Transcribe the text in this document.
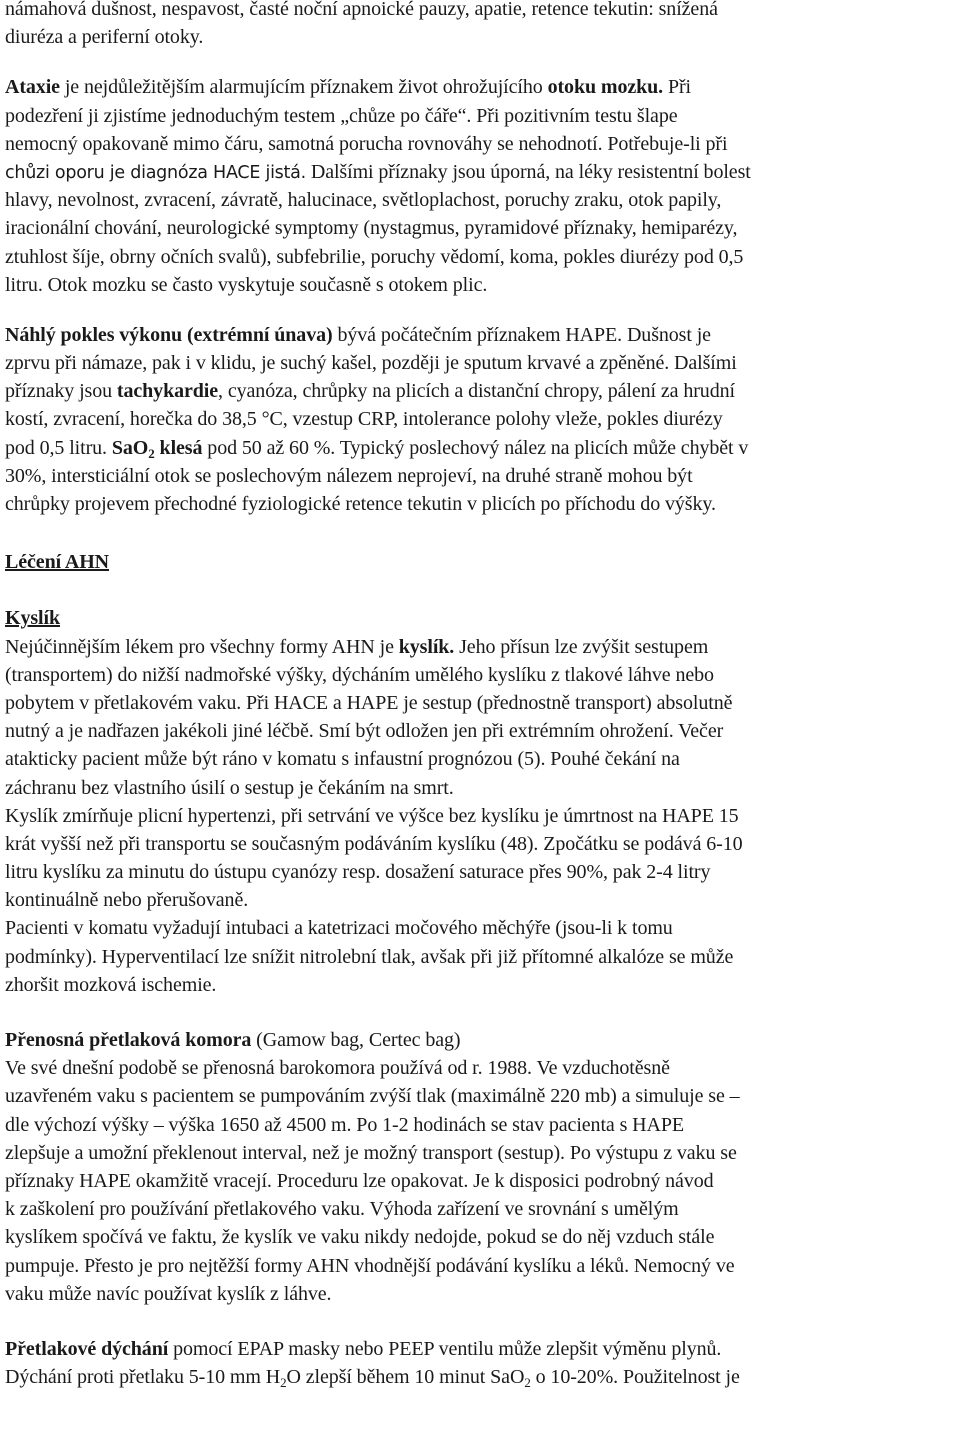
námahová dušnost, nespavost, časté noční apnoické pauzy, apatie, retence tekutin: snížená
diuréza a periferní otoky.
Ataxie je nejdůležitějším alarmujícím příznakem život ohrožujícího otoku mozku. Při
podezření ji zjistíme jednoduchým testem „chůze po čáře“. Při pozitivním testu šlape
nemocný opakovaně mimo čáru, samotná porucha rovnováhy se nehodnotí. Potřebuje-li při
chůzi oporu je diagnóza HACE jistá. Dalšími příznaky jsou úporná, na léky resistentní bolest
hlavy, nevolnost, zvracení, závratě, halucinace, světloplachost, poruchy zraku, otok papily,
iracionální chování, neurologické symptomy (nystagmus, pyramidové příznaky, hemiparézy,
ztuhlost šíje, obrny očních svalů), subfebrilie, poruchy vědomí, koma, pokles diurézy pod 0,5
litru. Otok mozku se často vyskytuje současně s otokem plic.
Náhlý pokles výkonu (extrémní únava) bývá počátečním příznakem HAPE. Dušnost je
zprvu při námaze, pak i v klidu, je suchý kašel, později je sputum krvavé a zpěněné. Dalšími
příznaky jsou tachykardie, cyanóza, chrůpky na plicích a distanční chropy, pálení za hrudní
kostí, zvracení, horečka do 38,5 °C, vzestup CRP, intolerance polohy vleže, pokles diurézy
pod 0,5 litru. SaO$_2$ klesá pod 50 až 60 %. Typický poslechový nález na plicích může chybět v
30%, intersticiální otok se poslechovým nálezem neprojeví, na druhé straně mohou být
chrůpky projevem přechodné fyziologické retence tekutin v plicích po příchodu do výšky.
Léčení AHN
Kyslík
Nejúčinnějším lékem pro všechny formy AHN je kyslík. Jeho přísun lze zvýšit sestupem
(transportem) do nižší nadmořské výšky, dýcháním umělého kyslíku z tlakové láhve nebo
pobytem v přetlakovém vaku. Při HACE a HAPE je sestup (přednostně transport) absolutně
nutný a je nadřazen jakékoli jiné léčbě. Smí být odložen jen při extrémním ohrožení. Večer
atakticky pacient může být ráno v komatu s infaustní prognózou (5). Pouhé čekání na
záchranu bez vlastního úsilí o sestup je čekáním na smrt.
Kyslík zmírňuje plicní hypertenzi, při setrvání ve výšce bez kyslíku je úmrtnost na HAPE 15
krát vyšší než při transportu se současným podáváním kyslíku (48). Zpočátku se podává 6-10
litru kyslíku za minutu do ústupu cyanózy resp. dosažení saturace přes 90%, pak 2-4 litry
kontinuálně nebo přerušovaně.
Pacienti v komatu vyžadují intubaci a katetrizaci močového měchýře (jsou-li k tomu
podmínky). Hyperventilací lze snížit nitrolební tlak, avšak při již přítomné alkalóze se může
zhoršit mozková ischemie.
Přenosná přetlaková komora (Gamow bag, Certec bag)
Ve své dnešní podobě se přenosná barokomora používá od r. 1988. Ve vzduchotěsně
uzavřeném vaku s pacientem se pumpováním zvýší tlak (maximálně 220 mb) a simuluje se –
dle výchozí výšky – výška 1650 až 4500 m. Po 1-2 hodinách se stav pacienta s HAPE
zlepšuje a umožní překlenout interval, než je možný transport (sestup). Po výstupu z vaku se
příznaky HAPE okamžitě vracejí. Proceduru lze opakovat. Je k disposici podrobný návod
k zaškolení pro používání přetlakového vaku. Výhoda zařízení ve srovnání s umělým
kyslíkem spočívá ve faktu, že kyslík ve vaku nikdy nedojde, pokud se do něj vzduch stále
pumpuje. Přesto je pro nejtěžší formy AHN vhodnější podávání kyslíku a léků. Nemocný ve
vaku může navíc používat kyslík z láhve.
Přetlakové dýchání pomocí EPAP masky nebo PEEP ventilu může zlepšit výměnu plynů.
Dýchání proti přetlaku 5-10 mm $H_2O$ zlepší během 10 minut SaO$_2$ o 10-20%. Použitelnost je
